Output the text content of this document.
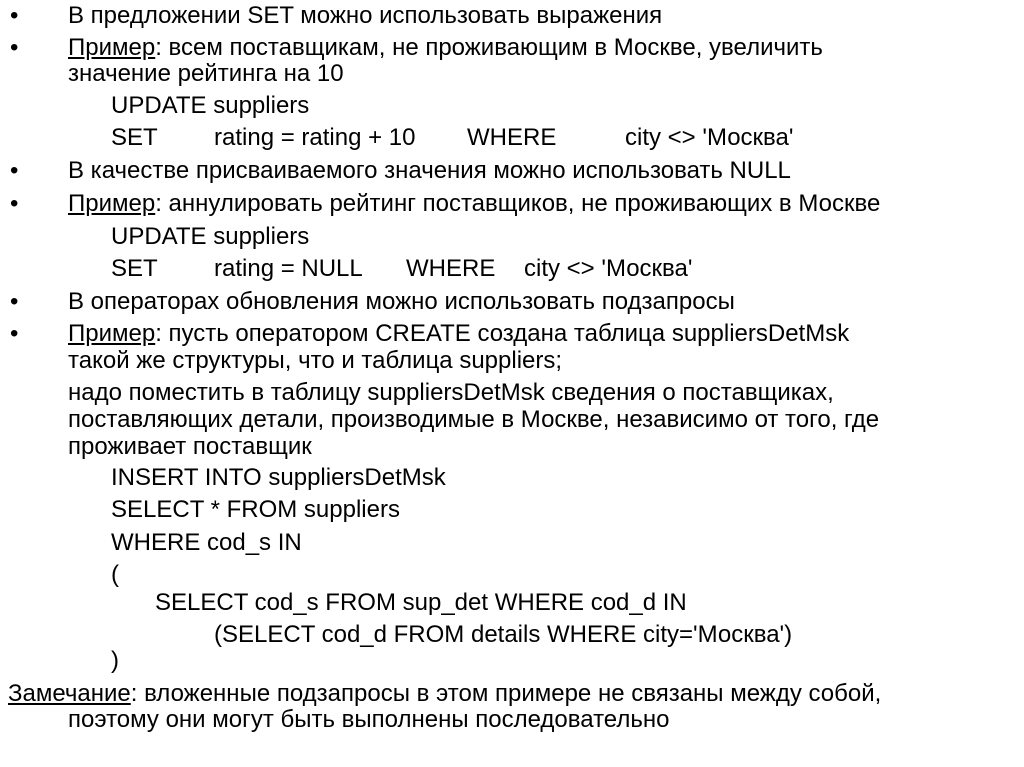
• В предложении SET можно использовать выражения
• Пример: всем поставщикам, не проживающим в Москве, увеличить
значение рейтинга на 10
UPDATE suppliers
SET rating = rating + 10 WHERE	city <> 'Москва'
• В качестве присваиваемого значения можно использовать NULL
• Пример: аннулировать рейтинг поставщиков, не проживающих в Москве
UPDATE suppliers
SET rating = NULL WHERE city <> 'Москва'
• В операторах обновления можно использовать подзапросы
• Пример: пусть оператором CREATE создана таблица suppliersDetMsk
такой же структуры, что и таблица suppliers;
надо поместить в таблицу suppliersDetMsk сведения о поставщиках,
поставляющих детали, производимые в Москве, независимо от того, где
проживает поставщик
INSERT INTO suppliersDetMsk
SELECT * FROM suppliers
WHERE cod_s IN
(
SELECT cod_s FROM sup_det WHERE cod_d IN
(SELECT cod_d FROM details WHERE city='Москва')
)
Замечание: вложенные подзапросы в этом примере не связаны между собой,
поэтому они могут быть выполнены последовательно
